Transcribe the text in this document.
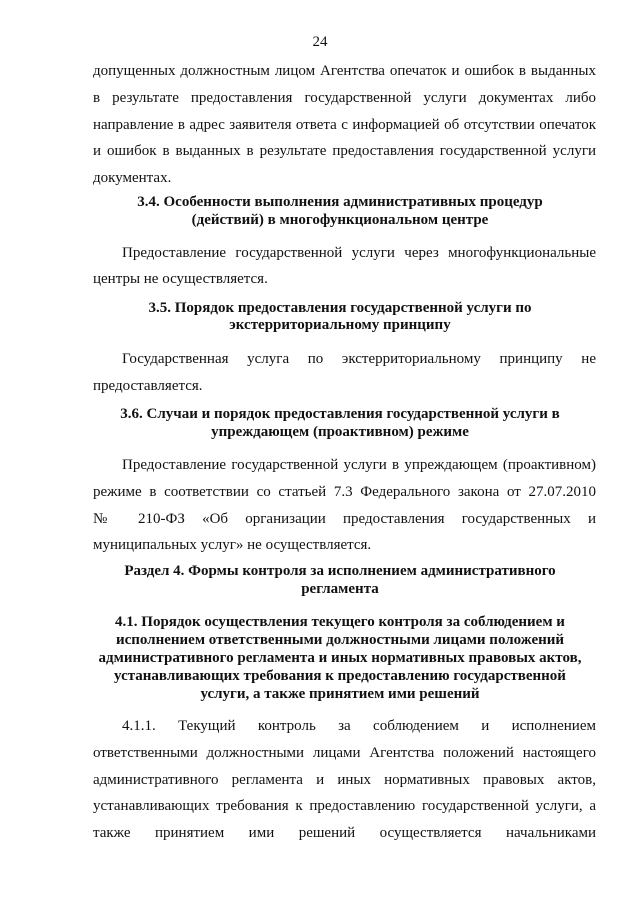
24
допущенных должностным лицом Агентства опечаток и ошибок в выданных
в результате предоставления государственной услуги документах либо
направление в адрес заявителя ответа с информацией об отсутствии опечаток
и ошибок в выданных в результате предоставления государственной услуги
документах.
3.4. Особенности выполнения административных процедур
(действий) в многофункциональном центре
Предоставление государственной услуги через многофункциональные
центры не осуществляется.
3.5. Порядок предоставления государственной услуги по
экстерриториальному принципу
Государственная услуга по экстерриториальному принципу не
предоставляется.
3.6. Случаи и порядок предоставления государственной услуги в
упреждающем (проактивном) режиме
Предоставление государственной услуги в упреждающем (проактивном)
режиме в соответствии со статьей 7.3 Федерального закона от 27.07.2010
№ 210-ФЗ «Об организации предоставления государственных и
муниципальных услуг» не осуществляется.
Раздел 4. Формы контроля за исполнением административного
регламента
4.1. Порядок осуществления текущего контроля за соблюдением и
исполнением ответственными должностными лицами положений
административного регламента и иных нормативных правовых актов,
устанавливающих требования к предоставлению государственной
услуги, а также принятием ими решений
4.1.1. Текущий контроль за соблюдением и исполнением
ответственными должностными лицами Агентства положений настоящего
административного регламента и иных нормативных правовых актов,
устанавливающих требования к предоставлению государственной услуги, а
также принятием ими решений осуществляется начальниками
